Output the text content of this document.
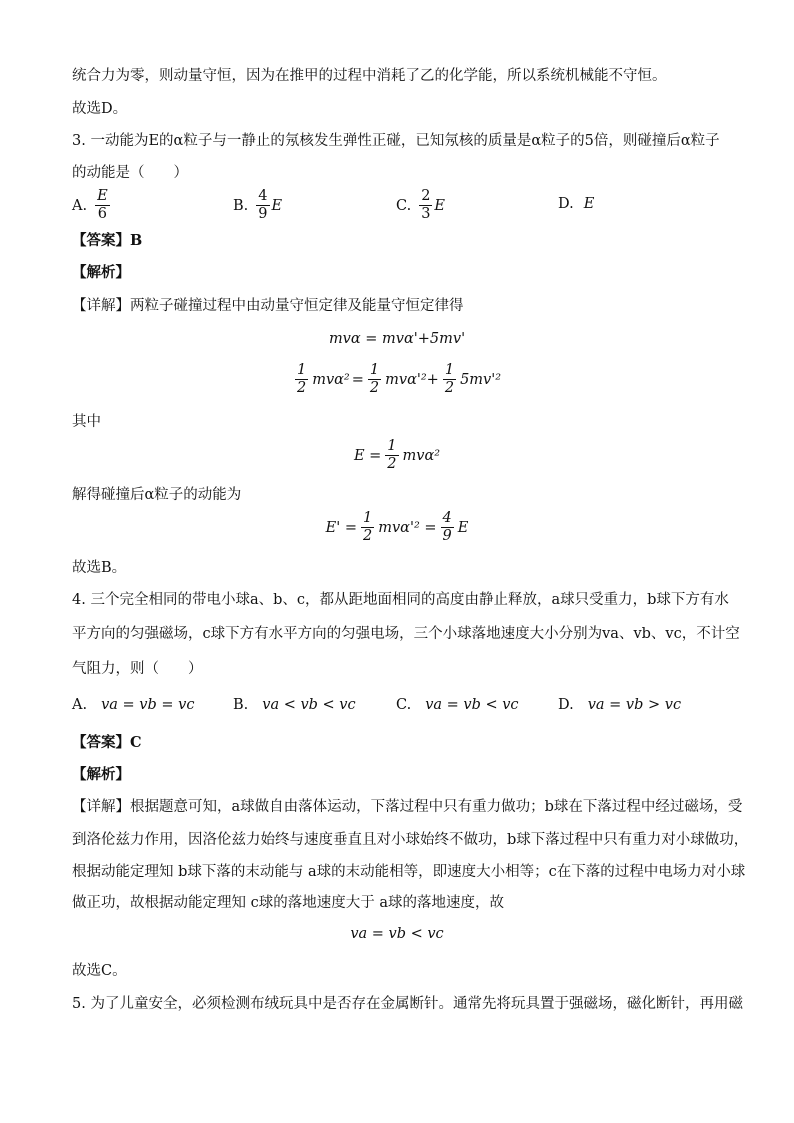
统合力为零，则动量守恒，因为在推甲的过程中消耗了乙的化学能，所以系统机械能不守恒。
故选D。
3. 一动能为E的α粒子与一静止的氖核发生弹性正碰，已知氖核的质量是α粒子的5倍，则碰撞后α粒子
的动能是（　　）
A. $\frac{E}{6}$	B. $\frac{4}{9}$ E	C. $\frac{2}{3}$ E	D. E
【答案】B
【解析】
【详解】两粒子碰撞过程中由动量守恒定律及能量守恒定律得
mvα = mvα'+5mv'
$\frac{1}{2} mv\alpha^2 = \frac{1}{2} mv\alpha'^2+ \frac{1}{2} 5mv'^2$
其中
$E = \frac{1}{2} mv\alpha^2$
解得碰撞后α粒子的动能为
$E' = \frac{1}{2} mv\alpha'^2 = \frac{4}{9}$ E
故选B。
4. 三个完全相同的带电小球a、b、c，都从距地面相同的高度由静止释放，a球只受重力，b球下方有水
平方向的匀强磁场，c球下方有水平方向的匀强电场，三个小球落地速度大小分别为va、vb、vc，不计空
气阻力，则（　　）
A. va = vb = vc	B. va < vb < vc	C. va = vb < vc	D. va = vb > vc
【答案】C
【解析】
【详解】根据题意可知，a球做自由落体运动，下落过程中只有重力做功；b球在下落过程中经过磁场，受
到洛伦兹力作用，因洛伦兹力始终与速度垂直且对小球始终不做功，b球下落过程中只有重力对小球做功，
根据动能定理知 b球下落的末动能与 a球的末动能相等，即速度大小相等；c在下落的过程中电场力对小球
做正功，故根据动能定理知 c球的落地速度大于 a球的落地速度，故
va = vb < vc
故选C。
5. 为了儿童安全，必须检测布绒玩具中是否存在金属断针。通常先将玩具置于强磁场，磁化断针，再用磁
